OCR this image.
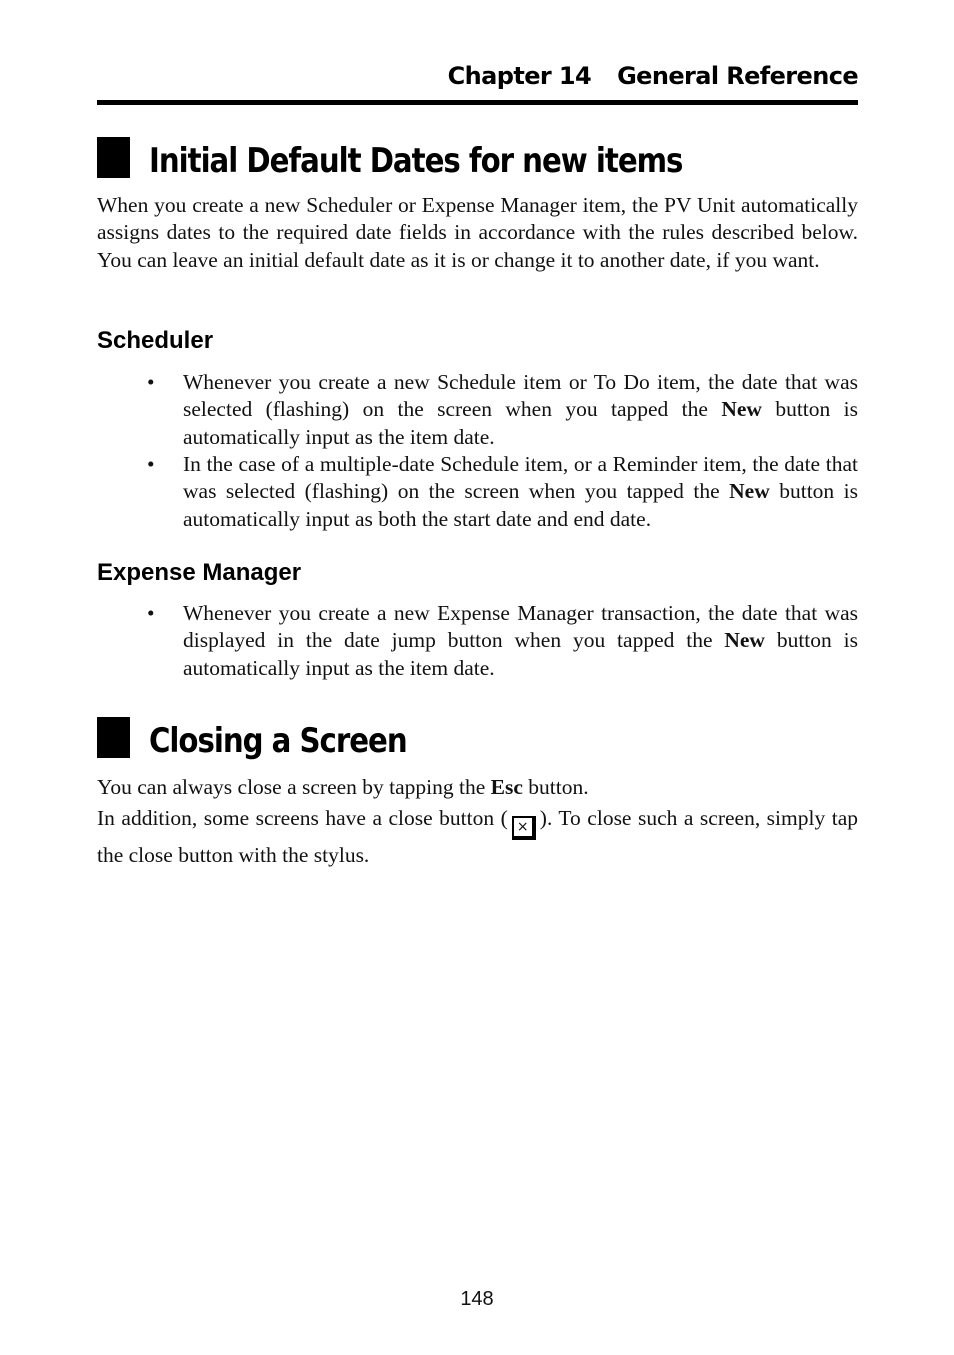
Chapter 14 General Reference
Initial Default Dates for new items

When you create a new Scheduler or Expense Manager item, the PV Unit automatically assigns dates to the required date fields in accordance with the rules described below. You can leave an initial default date as it is or change it to another date, if you want.

Scheduler
• Whenever you create a new Schedule item or To Do item, the date that was selected (flashing) on the screen when you tapped the New button is automatically input as the item date.

• In the case of a multiple-date Schedule item, or a Reminder item, the date that was selected (flashing) on the screen when you tapped the New button is automatically input as both the start date and end date.

Expense Manager
• Whenever you create a new Expense Manager transaction, the date that was displayed in the date jump button when you tapped the New button is automatically input as the item date.

Closing a Screen

You can always close a screen by tapping the Esc button.

In addition, some screens have a close button ( × ). To close such a screen, simply tap the close button with the stylus.

148
